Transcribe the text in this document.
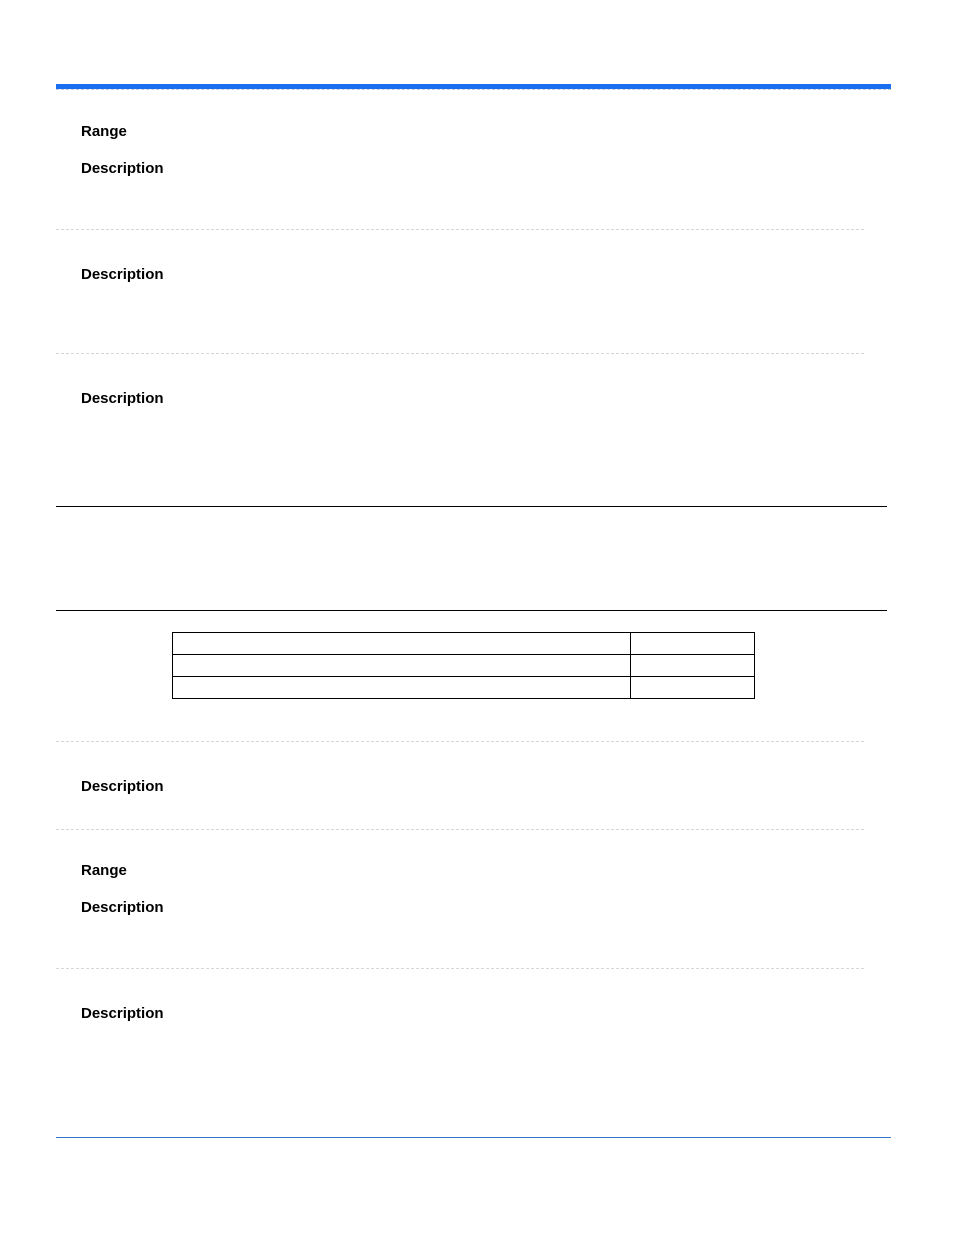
Range

Description

Description

Description

Description

Range

Description

Description
